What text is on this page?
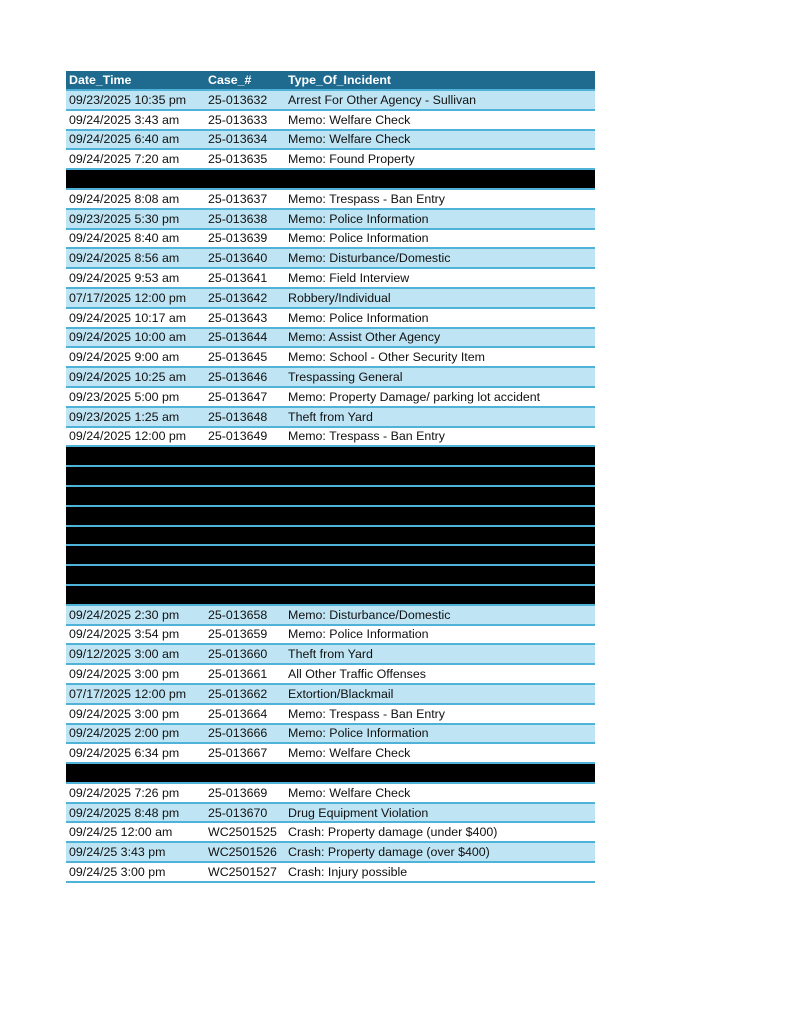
Date_Time	Case_#	Type_Of_Incident
09/23/2025 10:35 pm	25-013632	Arrest For Other Agency - Sullivan
09/24/2025 3:43 am	25-013633	Memo: Welfare Check
09/24/2025 6:40 am	25-013634	Memo: Welfare Check
09/24/2025 7:20 am	25-013635	Memo: Found Property
09/24/2025 8:08 am	25-013637	Memo: Trespass - Ban Entry
09/23/2025 5:30 pm	25-013638	Memo: Police Information
09/24/2025 8:40 am	25-013639	Memo: Police Information
09/24/2025 8:56 am	25-013640	Memo: Disturbance/Domestic
09/24/2025 9:53 am	25-013641	Memo: Field Interview
07/17/2025 12:00 pm	25-013642	Robbery/Individual
09/24/2025 10:17 am	25-013643	Memo: Police Information
09/24/2025 10:00 am	25-013644	Memo: Assist Other Agency
09/24/2025 9:00 am	25-013645	Memo: School - Other Security Item
09/24/2025 10:25 am	25-013646	Trespassing General
09/23/2025 5:00 pm	25-013647	Memo: Property Damage/ parking lot accident
09/23/2025 1:25 am	25-013648	Theft from Yard
09/24/2025 12:00 pm	25-013649	Memo: Trespass - Ban Entry
09/24/2025 2:30 pm	25-013658	Memo: Disturbance/Domestic
09/24/2025 3:54 pm	25-013659	Memo: Police Information
09/12/2025 3:00 am	25-013660	Theft from Yard
09/24/2025 3:00 pm	25-013661	All Other Traffic Offenses
07/17/2025 12:00 pm	25-013662	Extortion/Blackmail
09/24/2025 3:00 pm	25-013664	Memo: Trespass - Ban Entry
09/24/2025 2:00 pm	25-013666	Memo: Police Information
09/24/2025 6:34 pm	25-013667	Memo: Welfare Check
09/24/2025 7:26 pm	25-013669	Memo: Welfare Check
09/24/2025 8:48 pm	25-013670	Drug Equipment Violation
09/24/25 12:00 am	WC2501525 Crash: Property damage (under $400)
09/24/25 3:43 pm	WC2501526 Crash: Property damage (over $400)
09/24/25 3:00 pm	WC2501527 Crash: Injury possible
